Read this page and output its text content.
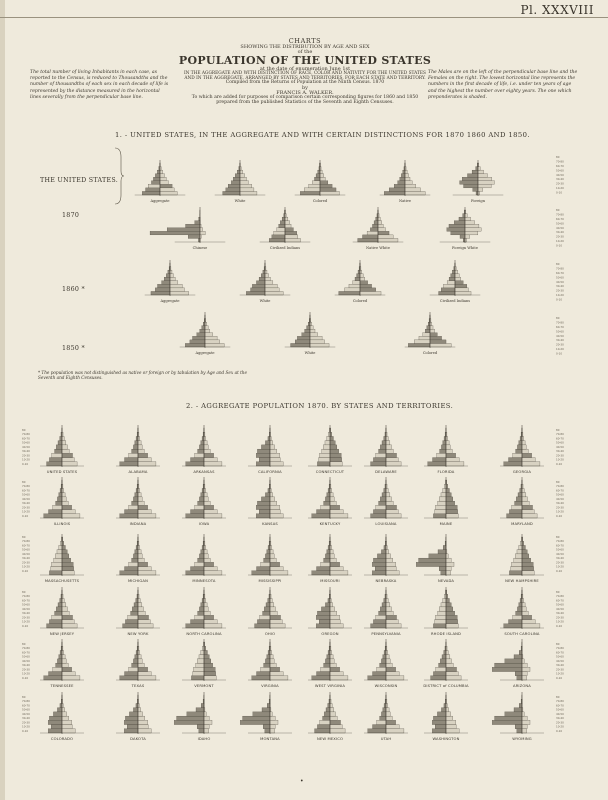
Pl. XXXVIII
CHARTS
SHOWING THE DISTRIBUTION BY AGE AND SEX
of the
POPULATION OF THE UNITED STATES
at the date of enumeration June 1st
IN THE AGGREGATE AND WITH DISTINCTION OF RACE, COLOR AND NATIVITY FOR THE UNITED STATES
AND IN THE AGGREGATE, ARRANGED BY STATES AND TERRITORIES, FOR EACH STATE AND TERRITORY.
Compiled from the Returns of Population at the Ninth Census. 1870
by
FRANCIS A. WALKER.
To which are added for purposes of comparison certain corresponding figures for 1860 and 1850
prepared from the published Statistics of the Seventh and Eighth Censuses.
The total number of living Inhabitants in each case, as reported to the Census, is reduced to Thousandths and the number of thousandths of each sex in each decade of life is represented by the distance measured in the horizontal lines severally from the perpendicular base line.
The Males are on the left of the perpendicular base line and the Females on the right. The lowest horizontal line represents the numbers in the first decade of life, i.e. under ten years of age and the highest the number over eighty years. The one which preponderates is shaded.
1. - UNITED STATES, IN THE AGGREGATE AND WITH CERTAIN DISTINCTIONS FOR 1870 1860 AND 1850.
THE UNITED STATES.
1870
1860 *
1850 *
* The population was not distinguished as native or foreign or by tabulation by Age and Sex at the Seventh and Eighth Censuses.
2. - AGGREGATE POPULATION 1870. BY STATES AND TERRITORIES.
Aggregate	White	Colored	Native	Foreign
Chinese	Civilized Indians	Native White	Foreign White
Aggregate	White	Colored	Civilized Indians
Aggregate	White	Colored
80
70-80
60-70
50-60
40-50
30-40
20-30
10-20
0-10
80
70-80
60-70
50-60
40-50
30-40
20-30
10-20
0-10
80
70-80
60-70
50-60
40-50
30-40
20-30
10-20
0-10
80
70-80
60-70
50-60
40-50
30-40
20-30
10-20
0-10
UNITED STATES	ALABAMA	ARKANSAS	CALIFORNIA	CONNECTICUT	DELAWARE	FLORIDA	GEORGIA
ILLINOIS	INDIANA	IOWA	KANSAS	KENTUCKY	LOUISIANA	MAINE	MARYLAND
MASSACHUSETTS	MICHIGAN	MINNESOTA	MISSISSIPPI	MISSOURI	NEBRASKA	NEVADA	NEW HAMPSHIRE
NEW JERSEY	NEW YORK	NORTH CAROLINA	OHIO	OREGON	PENNSYLVANIA	RHODE ISLAND	SOUTH CAROLINA
TENNESSEE	TEXAS	VERMONT	VIRGINIA	WEST VIRGINIA	WISCONSIN	DISTRICT of COLUMBIA	ARIZONA
COLORADO	DAKOTA	IDAHO	MONTANA	NEW MEXICO	UTAH	WASHINGTON	WYOMING
80
70-80
60-70
50-60
40-50
30-40
20-30
10-20
0-10
80
70-80
60-70
50-60
40-50
30-40
20-30
10-20
0-10
80
70-80
60-70
50-60
40-50
30-40
20-30
10-20
0-10
80
70-80
60-70
50-60
40-50
30-40
20-30
10-20
0-10
80
70-80
60-70
50-60
40-50
30-40
20-30
10-20
0-10
80
70-80
60-70
50-60
40-50
30-40
20-30
10-20
0-10
80
70-80
60-70
50-60
40-50
30-40
20-30
10-20
0-10
80
70-80
60-70
50-60
40-50
30-40
20-30
10-20
0-10
80
70-80
60-70
50-60
40-50
30-40
20-30
10-20
0-10
80
70-80
60-70
50-60
40-50
30-40
20-30
10-20
0-10
80
70-80
60-70
50-60
40-50
30-40
20-30
10-20
0-10
80
70-80
60-70
50-60
40-50
30-40
20-30
10-20
0-10
•
